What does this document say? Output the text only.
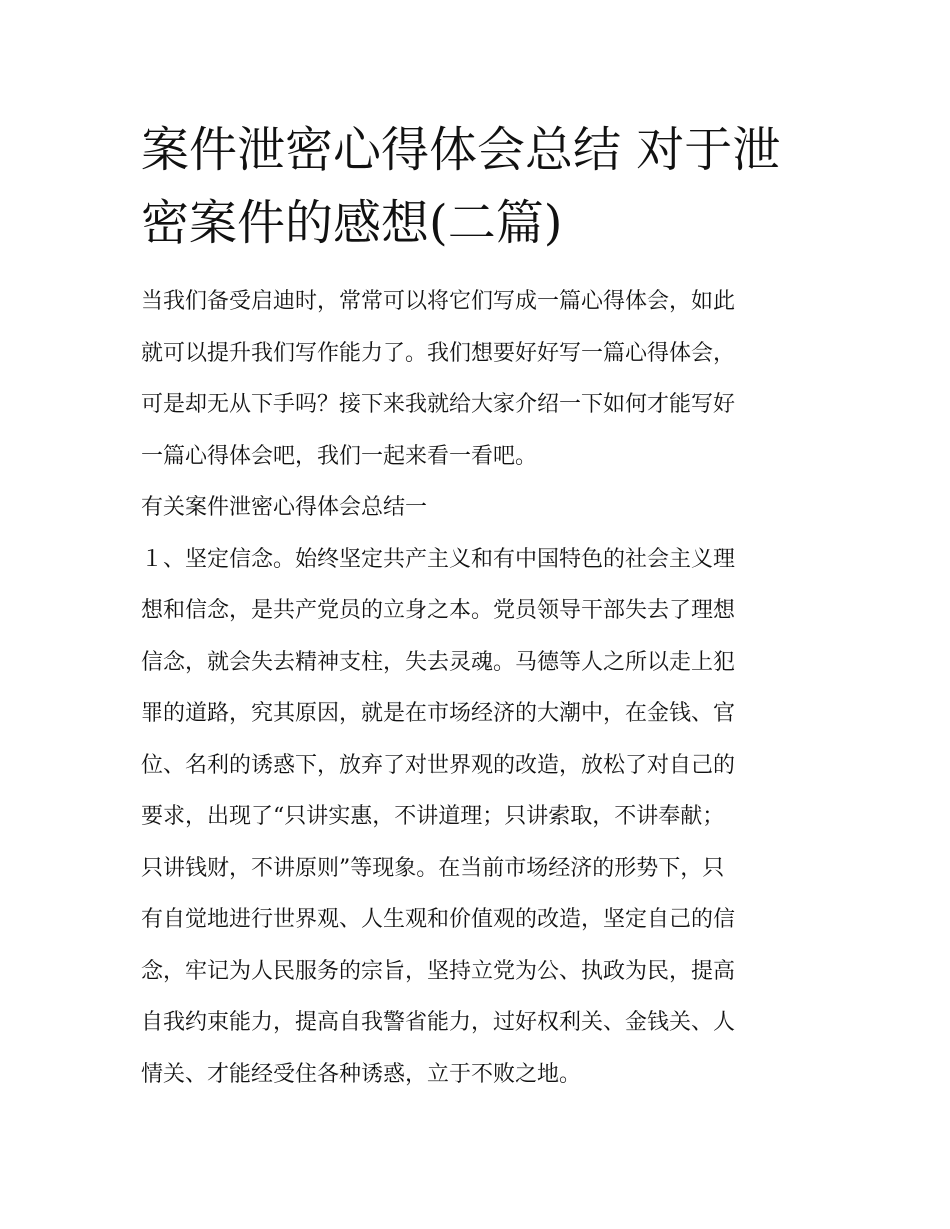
案件泄密心得体会总结 对于泄
密案件的感想(二篇)
当我们备受启迪时，常常可以将它们写成一篇心得体会，如此
就可以提升我们写作能力了。我们想要好好写一篇心得体会，
可是却无从下手吗？接下来我就给大家介绍一下如何才能写好
一篇心得体会吧，我们一起来看一看吧。
有关案件泄密心得体会总结一
１、坚定信念。始终坚定共产主义和有中国特色的社会主义理
想和信念，是共产党员的立身之本。党员领导干部失去了理想
信念，就会失去精神支柱，失去灵魂。马德等人之所以走上犯
罪的道路，究其原因，就是在市场经济的大潮中，在金钱、官
位、名利的诱惑下，放弃了对世界观的改造，放松了对自己的
要求，出现了“只讲实惠，不讲道理；只讲索取，不讲奉献；
只讲钱财，不讲原则”等现象。在当前市场经济的形势下，只
有自觉地进行世界观、人生观和价值观的改造，坚定自己的信
念，牢记为人民服务的宗旨，坚持立党为公、执政为民，提高
自我约束能力，提高自我警省能力，过好权利关、金钱关、人
情关、才能经受住各种诱惑，立于不败之地。
